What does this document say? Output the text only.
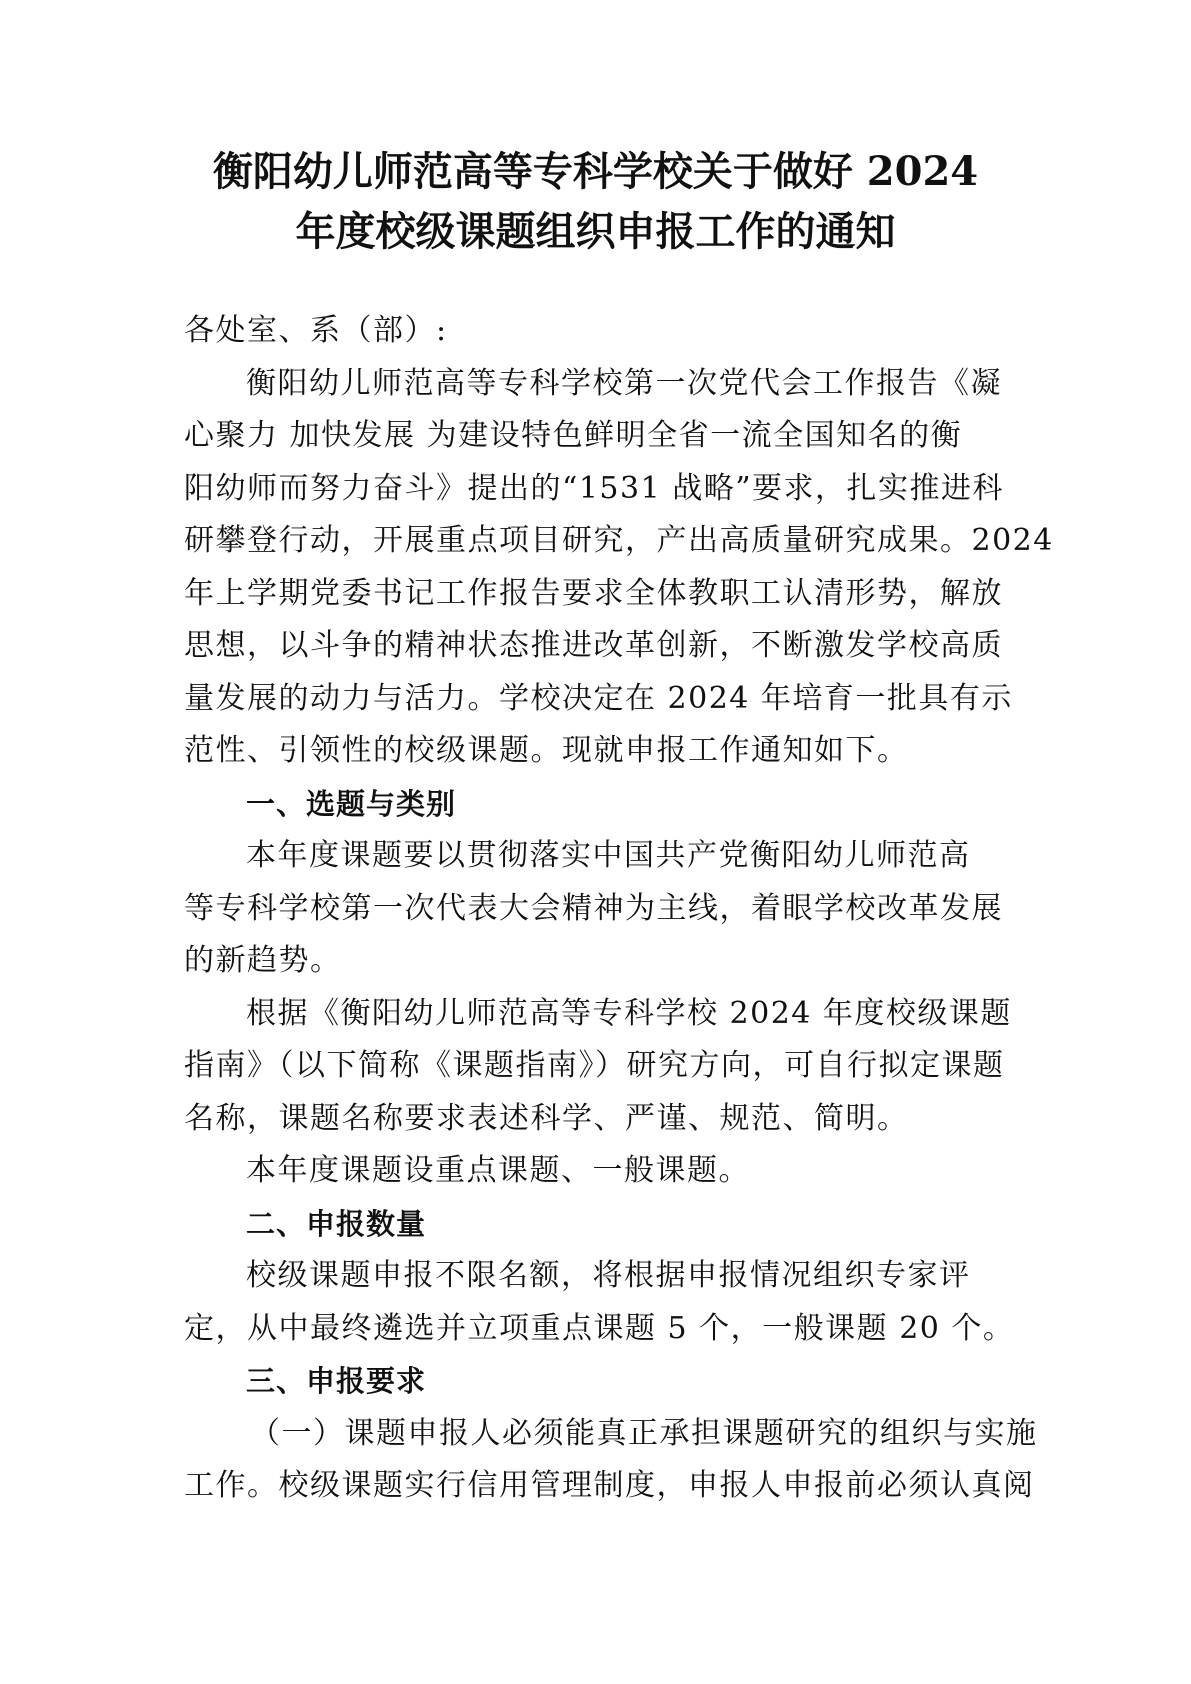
衡阳幼儿师范高等专科学校关于做好 2024
年度校级课题组织申报工作的通知
各处室、系（部）:
衡阳幼儿师范高等专科学校第一次党代会工作报告《凝
心聚力 加快发展 为建设特色鲜明全省一流全国知名的衡
阳幼师而努力奋斗》提出的“1531 战略”要求，扎实推进科
研攀登行动，开展重点项目研究，产出高质量研究成果。2024
年上学期党委书记工作报告要求全体教职工认清形势，解放
思想，以斗争的精神状态推进改革创新，不断激发学校高质
量发展的动力与活力。学校决定在 2024 年培育一批具有示
范性、引领性的校级课题。现就申报工作通知如下。
一、选题与类别
本年度课题要以贯彻落实中国共产党衡阳幼儿师范高
等专科学校第一次代表大会精神为主线，着眼学校改革发展
的新趋势。
根据《衡阳幼儿师范高等专科学校 2024 年度校级课题
指南》（以下简称《课题指南》）研究方向，可自行拟定课题
名称，课题名称要求表述科学、严谨、规范、简明。
本年度课题设重点课题、一般课题。
二、申报数量
校级课题申报不限名额，将根据申报情况组织专家评
定，从中最终遴选并立项重点课题 5 个，一般课题 20 个。
三、申报要求
（一）课题申报人必须能真正承担课题研究的组织与实施
工作。校级课题实行信用管理制度，申报人申报前必须认真阅
